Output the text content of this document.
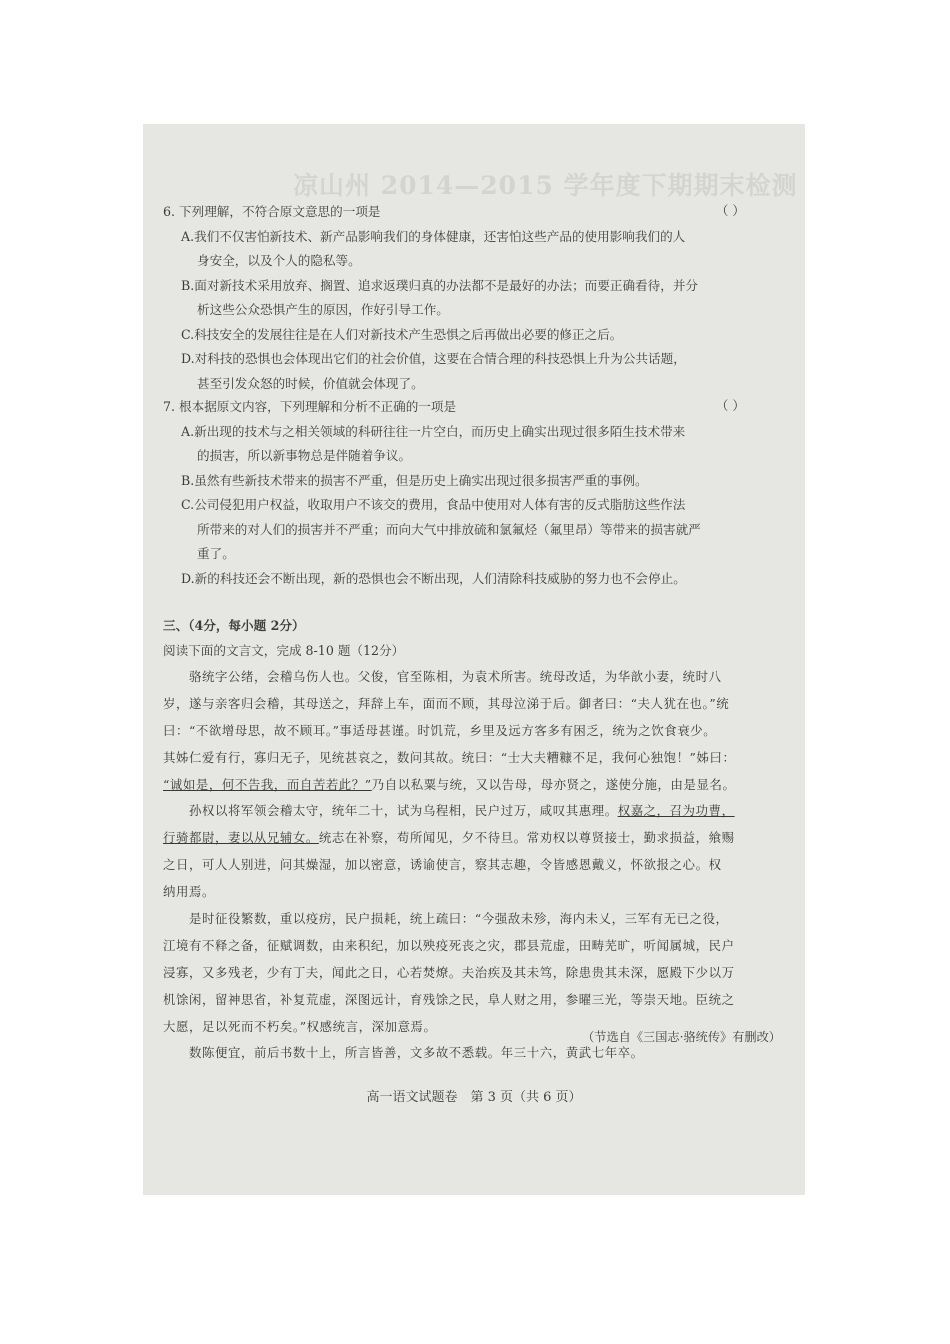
凉山州 2014—2015 学年度下期期末检测
6. 下列理解，不符合原文意思的一项是	（ ）
A.我们不仅害怕新技术、新产品影响我们的身体健康，还害怕这些产品的使用影响我们的人
身安全，以及个人的隐私等。
B.面对新技术采用放弃、搁置、追求返璞归真的办法都不是最好的办法；而要正确看待，并分
析这些公众恐惧产生的原因，作好引导工作。
C.科技安全的发展往往是在人们对新技术产生恐惧之后再做出必要的修正之后。
D.对科技的恐惧也会体现出它们的社会价值，这要在合情合理的科技恐惧上升为公共话题，
甚至引发众怒的时候，价值就会体现了。
7. 根本据原文内容，下列理解和分析不正确的一项是	（ ）
A.新出现的技术与之相关领域的科研往往一片空白，而历史上确实出现过很多陌生技术带来
的损害，所以新事物总是伴随着争议。
B.虽然有些新技术带来的损害不严重，但是历史上确实出现过很多损害严重的事例。
C.公司侵犯用户权益，收取用户不该交的费用，食品中使用对人体有害的反式脂肪这些作法
所带来的对人们的损害并不严重；而向大气中排放硫和氯氟烃（氟里昂）等带来的损害就严
重了。
D.新的科技还会不断出现，新的恐惧也会不断出现，人们清除科技威胁的努力也不会停止。
三、（4分，每小题 2分）
阅读下面的文言文，完成 8-10 题（12分）
骆统字公绪，会稽乌伤人也。父俊，官至陈相，为袁术所害。统母改适，为华歆小妻，统时八
岁，遂与亲客归会稽，其母送之，拜辞上车，面而不顾，其母泣涕于后。御者曰：“夫人犹在也。”统
曰：“不欲增母思，故不顾耳。”事适母甚谨。时饥荒，乡里及远方客多有困乏，统为之饮食衰少。
其姊仁爱有行，寡归无子，见统甚哀之，数问其故。统曰：“士大夫糟糠不足，我何心独饱！”姊曰：
“诚如是，何不告我，而自苦若此？”乃自以私粟与统，又以告母，母亦贤之，遂使分施，由是显名。
孙权以将军领会稽太守，统年二十，试为乌程相，民户过万，咸叹其惠理。权嘉之，召为功曹，
行骑都尉，妻以从兄辅女。统志在补察，苟所闻见，夕不待旦。常劝权以尊贤接士，勤求损益，飨赐
之日，可人人别进，问其燥湿，加以密意，诱谕使言，察其志趣，令皆感恩戴义，怀欲报之心。权
纳用焉。
是时征役繁数，重以疫疠，民户损耗，统上疏曰：“今强敌未殄，海内未乂，三军有无已之役，
江境有不释之备，征赋调数，由来积纪，加以殃疫死丧之灾，郡县荒虚，田畴芜旷，听闻属城，民户
浸寡，又多残老，少有丁夫，闻此之日，心若焚燎。夫治疾及其未笃，除患贵其未深，愿殿下少以万
机馀闲，留神思省，补复荒虚，深图远计，育残馀之民，阜人财之用，参曜三光，等崇天地。臣统之
大愿，足以死而不朽矣。”权感统言，深加意焉。
数陈便宜，前后书数十上，所言皆善，文多故不悉载。年三十六，黄武七年卒。
（节选自《三国志·骆统传》有删改）
高一语文试题卷　第 3 页（共 6 页）
